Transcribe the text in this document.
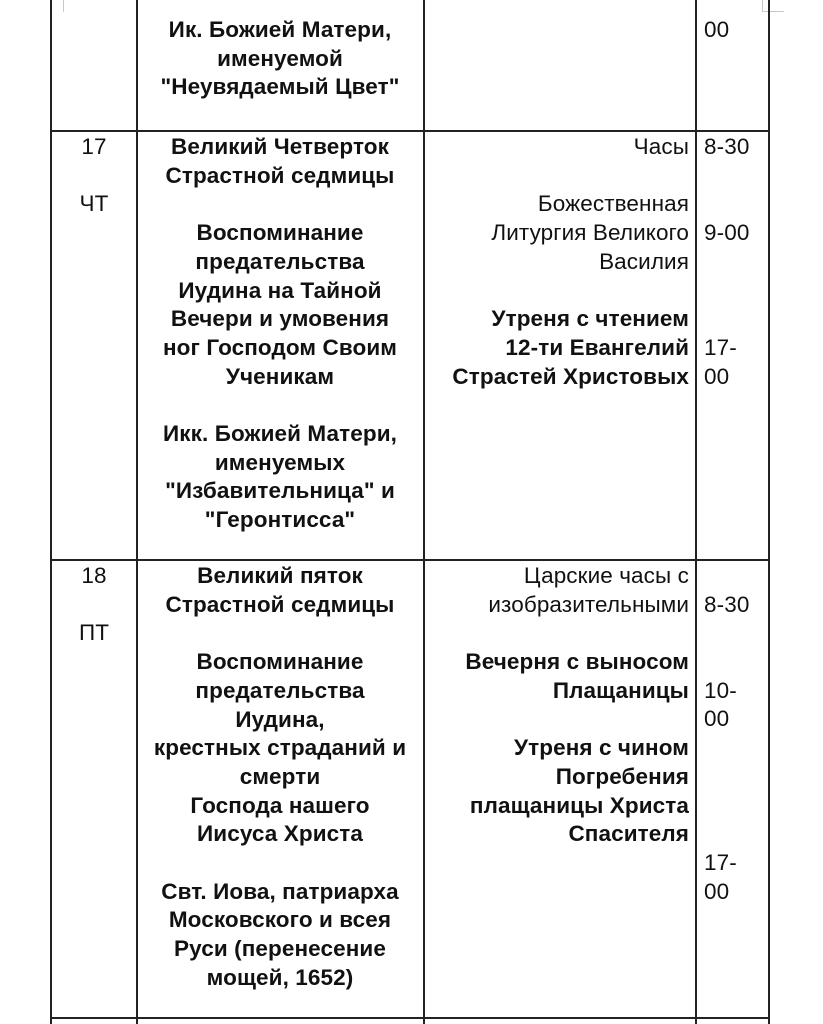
Ик. Божией Матери,
именуемой
"Неувядаемый Цвет"
00
17
ЧТ
Великий Четверток
Страстной седмицы
Воспоминание
предательства
Иудина на Тайной
Вечери и умовения
ног Господом Своим
Ученикам
Икк. Божией Матери,
именуемых
"Избавительница" и
"Геронтисса"
Часы
Божественная
Литургия Великого
Василия
Утреня с чтением
12-ти Евангелий
Страстей Христовых
8-30
9-00
17-
00
18
ПТ
Великий пяток
Страстной седмицы
Воспоминание
предательства
Иудина,
крестных страданий и
смерти
Господа нашего
Иисуса Христа
Свт. Иова, патриарха
Московского и всея
Руси (перенесение
мощей, 1652)
Царские часы с
изобразительными
Вечерня с выносом
Плащаницы
Утреня с чином
Погребения
плащаницы Христа
Спасителя
8-30
10-
00
17-
00
